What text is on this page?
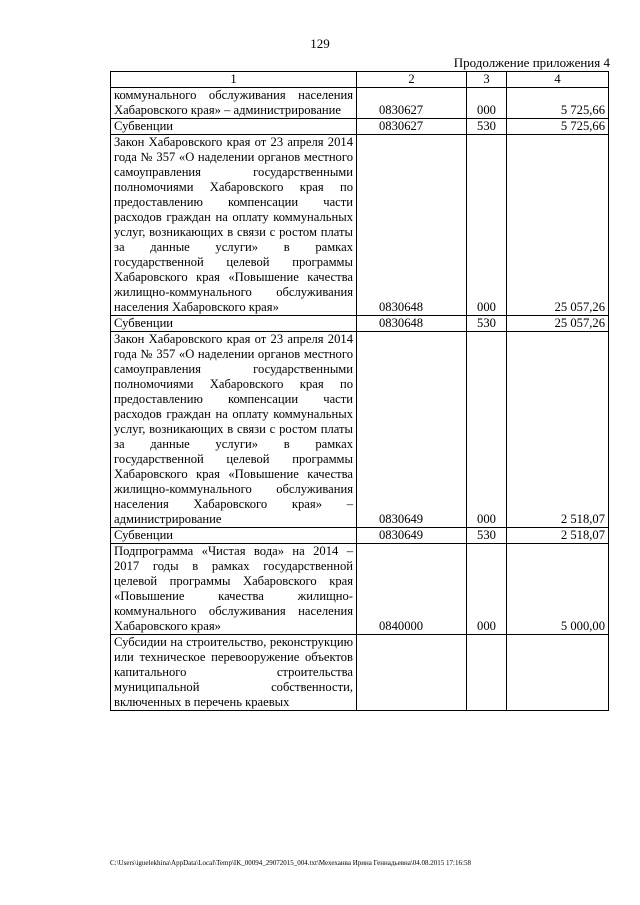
129
Продолжение приложения 4
1	2	3	4
коммунального обслуживания населения Хабаровского края» – администрирование	0830627	000	5 725,66
Субвенции	0830627	530	5 725,66
Закон Хабаровского края от 23 апреля 2014 года № 357 «О наделении органов местного самоуправления государственными полномочиями Хабаровского края по предоставлению компенсации части расходов граждан на оплату коммунальных услуг, возникающих в связи с ростом платы за данные услуги» в рамках государственной целевой программы Хабаровского края «Повышение качества жилищно-коммунального обслуживания населения Хабаровского края»	0830648	000	25 057,26
Субвенции	0830648	530	25 057,26
Закон Хабаровского края от 23 апреля 2014 года № 357 «О наделении органов местного самоуправления государственными полномочиями Хабаровского края по предоставлению компенсации части расходов граждан на оплату коммунальных услуг, возникающих в связи с ростом платы за данные услуги» в рамках государственной целевой программы Хабаровского края «Повышение качества жилищно-коммунального обслуживания населения Хабаровского края» – администрирование	0830649	000	2 518,07
Субвенции	0830649	530	2 518,07
Подпрограмма «Чистая вода» на 2014 – 2017 годы в рамках государственной целевой программы Хабаровского края «Повышение качества жилищно-коммунального обслуживания населения Хабаровского края»	0840000	000	5 000,00
Субсидии на строительство, реконструкцию или техническое перевооружение объектов капитального строительства муниципальной собственности, включенных в перечень краевых			
C:\Users\iguelekhina\AppData\Local\Temp\IK_00094_29072015_004.txt\Мехеханва Ирина Геннадьевна\04.08.2015 17:16:58
